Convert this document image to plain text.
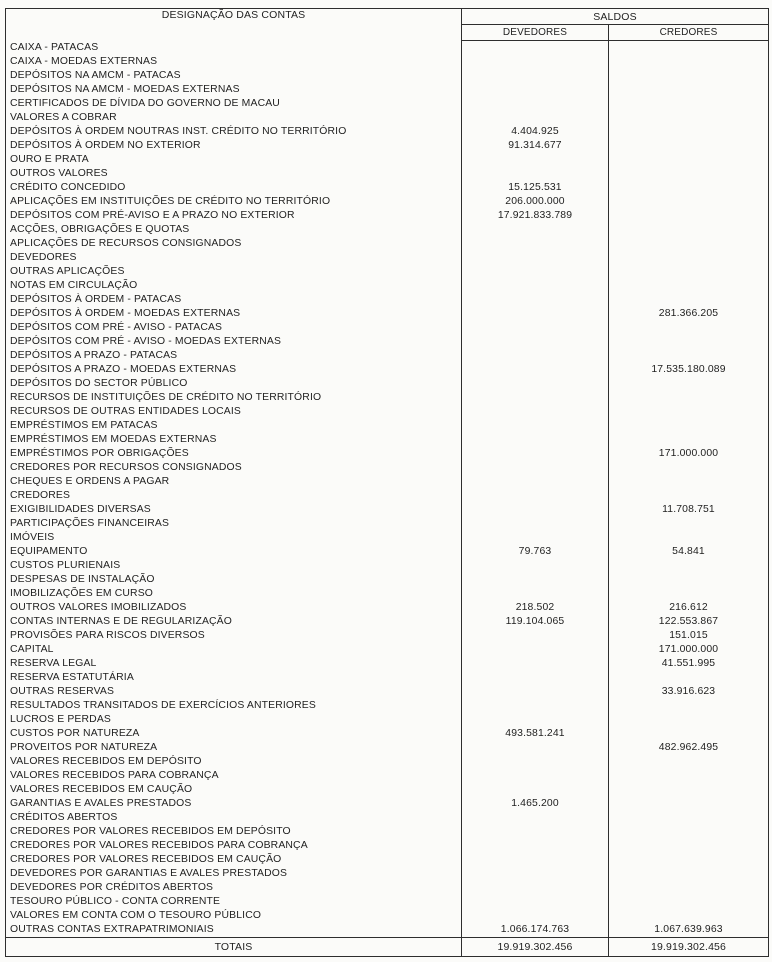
DESIGNAÇÃO DAS CONTAS	SALDOS	
	DEVEDORES	CREDORES
CAIXA - PATACAS		
CAIXA - MOEDAS EXTERNAS		
DEPÓSITOS NA AMCM - PATACAS		
DEPÓSITOS NA AMCM - MOEDAS EXTERNAS		
CERTIFICADOS DE DÍVIDA DO GOVERNO DE MACAU		
VALORES A COBRAR		
DEPÓSITOS À ORDEM NOUTRAS INST. CRÉDITO NO TERRITÓRIO	4.404.925	
DEPÓSITOS À ORDEM NO EXTERIOR	91.314.677	
OURO E PRATA		
OUTROS VALORES		
CRÉDITO CONCEDIDO	15.125.531	
APLICAÇÕES EM INSTITUIÇÕES DE CRÉDITO NO TERRITÓRIO	206.000.000	
DEPÓSITOS COM PRÉ-AVISO E A PRAZO NO EXTERIOR	17.921.833.789	
ACÇÕES, OBRIGAÇÕES E QUOTAS		
APLICAÇÕES DE RECURSOS CONSIGNADOS		
DEVEDORES		
OUTRAS APLICAÇÕES		
NOTAS EM CIRCULAÇÃO		
DEPÓSITOS À ORDEM - PATACAS		
DEPÓSITOS À ORDEM - MOEDAS EXTERNAS		281.366.205
DEPÓSITOS COM PRÉ - AVISO - PATACAS		
DEPÓSITOS COM PRÉ - AVISO - MOEDAS EXTERNAS		
DEPÓSITOS A PRAZO - PATACAS		
DEPÓSITOS A PRAZO - MOEDAS EXTERNAS		17.535.180.089
DEPÓSITOS DO SECTOR PÚBLICO		
RECURSOS DE INSTITUIÇÕES DE CRÉDITO NO TERRITÓRIO		
RECURSOS DE OUTRAS ENTIDADES LOCAIS		
EMPRÉSTIMOS EM PATACAS		
EMPRÉSTIMOS EM MOEDAS EXTERNAS		
EMPRÉSTIMOS POR OBRIGAÇÕES		171.000.000
CREDORES POR RECURSOS CONSIGNADOS		
CHEQUES E ORDENS A PAGAR		
CREDORES		
EXIGIBILIDADES DIVERSAS		11.708.751
PARTICIPAÇÕES FINANCEIRAS		
IMÓVEIS		
EQUIPAMENTO	79.763	54.841
CUSTOS PLURIENAIS		
DESPESAS DE INSTALAÇÃO		
IMOBILIZAÇÕES EM CURSO		
OUTROS VALORES IMOBILIZADOS	218.502	216.612
CONTAS INTERNAS E DE REGULARIZAÇÃO	119.104.065	122.553.867
PROVISÕES PARA RISCOS DIVERSOS		151.015
CAPITAL		171.000.000
RESERVA LEGAL		41.551.995
RESERVA ESTATUTÁRIA		
OUTRAS RESERVAS		33.916.623
RESULTADOS TRANSITADOS DE EXERCÍCIOS ANTERIORES		
LUCROS E PERDAS		
CUSTOS POR NATUREZA	493.581.241	
PROVEITOS POR NATUREZA		482.962.495
VALORES RECEBIDOS EM DEPÓSITO		
VALORES RECEBIDOS PARA COBRANÇA		
VALORES RECEBIDOS EM CAUÇÃO		
GARANTIAS E AVALES PRESTADOS	1.465.200	
CRÉDITOS ABERTOS		
CREDORES POR VALORES RECEBIDOS EM DEPÓSITO		
CREDORES POR VALORES RECEBIDOS PARA COBRANÇA		
CREDORES POR VALORES RECEBIDOS EM CAUÇÃO		
DEVEDORES POR GARANTIAS E AVALES PRESTADOS		
DEVEDORES POR CRÉDITOS ABERTOS		
TESOURO PÚBLICO - CONTA CORRENTE		
VALORES EM CONTA COM O TESOURO PÚBLICO		
OUTRAS CONTAS EXTRAPATRIMONIAIS	1.066.174.763	1.067.639.963
TOTAIS	19.919.302.456	19.919.302.456
